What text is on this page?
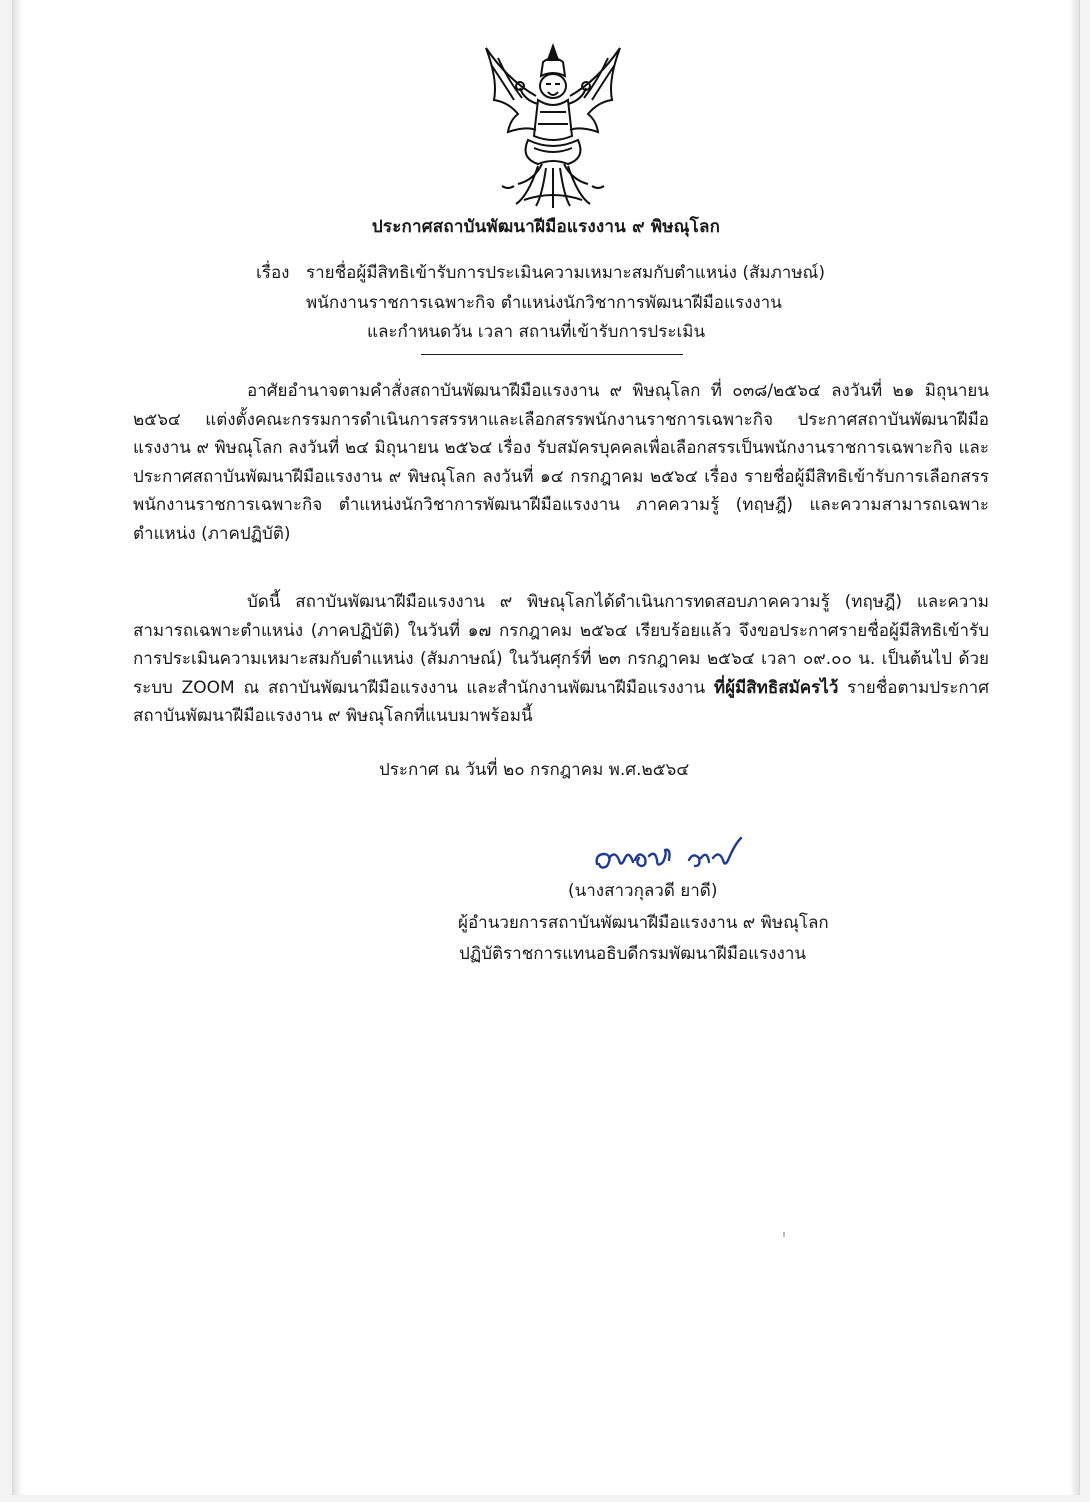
ประกาศสถาบันพัฒนาฝีมือแรงงาน ๙ พิษณุโลก
เรื่อง รายชื่อผู้มีสิทธิเข้ารับการประเมินความเหมาะสมกับตำแหน่ง (สัมภาษณ์)
พนักงานราชการเฉพาะกิจ ตำแหน่งนักวิชาการพัฒนาฝีมือแรงงาน
และกำหนดวัน เวลา สถานที่เข้ารับการประเมิน
อาศัยอำนาจตามคำสั่งสถาบันพัฒนาฝีมือแรงงาน ๙ พิษณุโลก ที่ ๐๓๘/๒๕๖๔ ลงวันที่ ๒๑ มิถุนายน ๒๕๖๔ แต่งตั้งคณะกรรมการดำเนินการสรรหาและเลือกสรรพนักงานราชการเฉพาะกิจ ประกาศสถาบันพัฒนาฝีมือแรงงาน ๙ พิษณุโลก ลงวันที่ ๒๔ มิถุนายน ๒๕๖๔ เรื่อง รับสมัครบุคคลเพื่อเลือกสรรเป็นพนักงานราชการเฉพาะกิจ และประกาศสถาบันพัฒนาฝีมือแรงงาน ๙ พิษณุโลก ลงวันที่ ๑๔ กรกฎาคม ๒๕๖๔ เรื่อง รายชื่อผู้มีสิทธิเข้ารับการเลือกสรรพนักงานราชการเฉพาะกิจ ตำแหน่งนักวิชาการพัฒนาฝีมือแรงงาน ภาคความรู้ (ทฤษฎี) และความสามารถเฉพาะตำแหน่ง (ภาคปฏิบัติ)
บัดนี้ สถาบันพัฒนาฝีมือแรงงาน ๙ พิษณุโลกได้ดำเนินการทดสอบภาคความรู้ (ทฤษฎี) และความสามารถเฉพาะตำแหน่ง (ภาคปฏิบัติ) ในวันที่ ๑๗ กรกฎาคม ๒๕๖๔ เรียบร้อยแล้ว จึงขอประกาศรายชื่อผู้มีสิทธิเข้ารับการประเมินความเหมาะสมกับตำแหน่ง (สัมภาษณ์) ในวันศุกร์ที่ ๒๓ กรกฎาคม ๒๕๖๔ เวลา ๐๙.๐๐ น. เป็นต้นไป ด้วยระบบ ZOOM ณ สถาบันพัฒนาฝีมือแรงงาน และสำนักงานพัฒนาฝีมือแรงงาน ที่ผู้มีสิทธิสมัครไว้ รายชื่อตามประกาศสถาบันพัฒนาฝีมือแรงงาน ๙ พิษณุโลกที่แนบมาพร้อมนี้
ประกาศ ณ วันที่ ๒๐ กรกฎาคม พ.ศ.๒๕๖๔
(นางสาวกุลวดี ยาดี)
ผู้อำนวยการสถาบันพัฒนาฝีมือแรงงาน ๙ พิษณุโลก
ปฏิบัติราชการแทนอธิบดีกรมพัฒนาฝีมือแรงงาน
